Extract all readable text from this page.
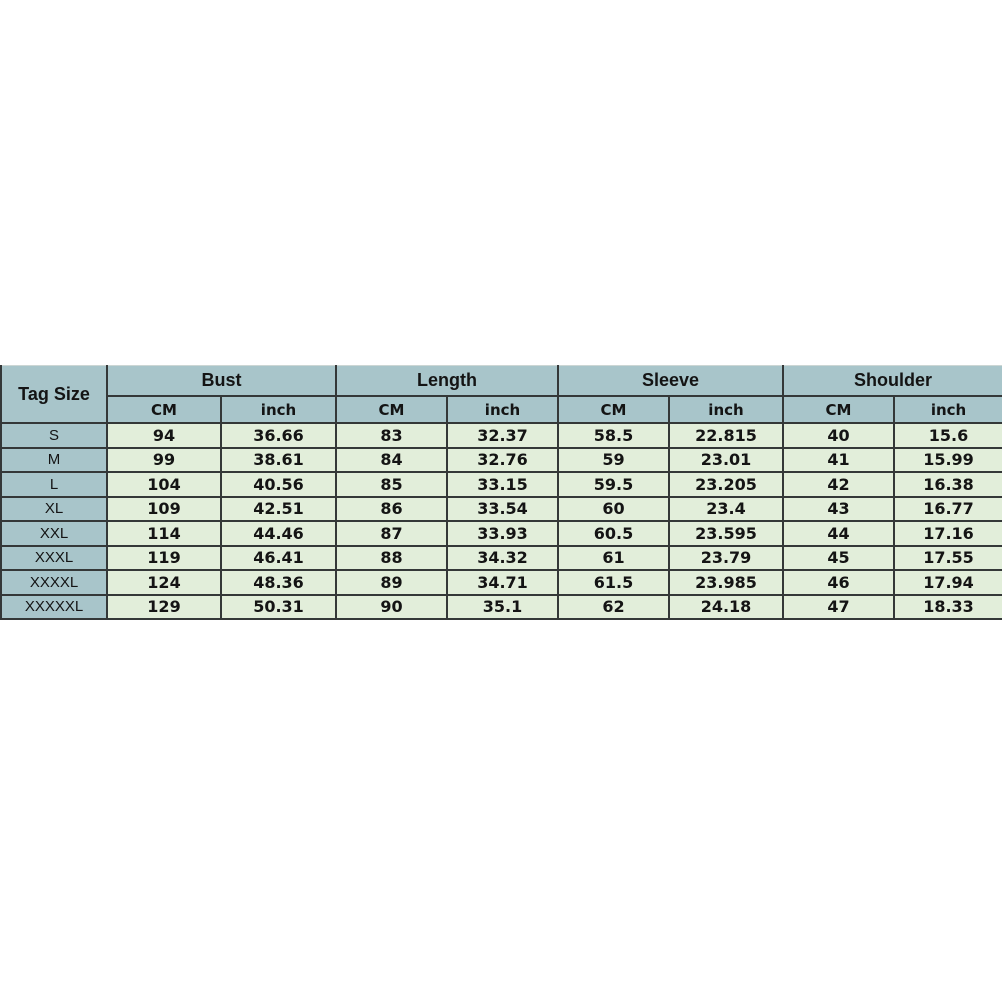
Tag Size	Bust		Length		Sleeve		Shoulder	
	CM	inch	CM	inch	CM	inch	CM	inch
S	94	36.66	83	32.37	58.5	22.815	40	15.6
M	99	38.61	84	32.76	59	23.01	41	15.99
L	104	40.56	85	33.15	59.5	23.205	42	16.38
XL	109	42.51	86	33.54	60	23.4	43	16.77
XXL	114	44.46	87	33.93	60.5	23.595	44	17.16
XXXL	119	46.41	88	34.32	61	23.79	45	17.55
XXXXL	124	48.36	89	34.71	61.5	23.985	46	17.94
XXXXXL	129	50.31	90	35.1	62	24.18	47	18.33
